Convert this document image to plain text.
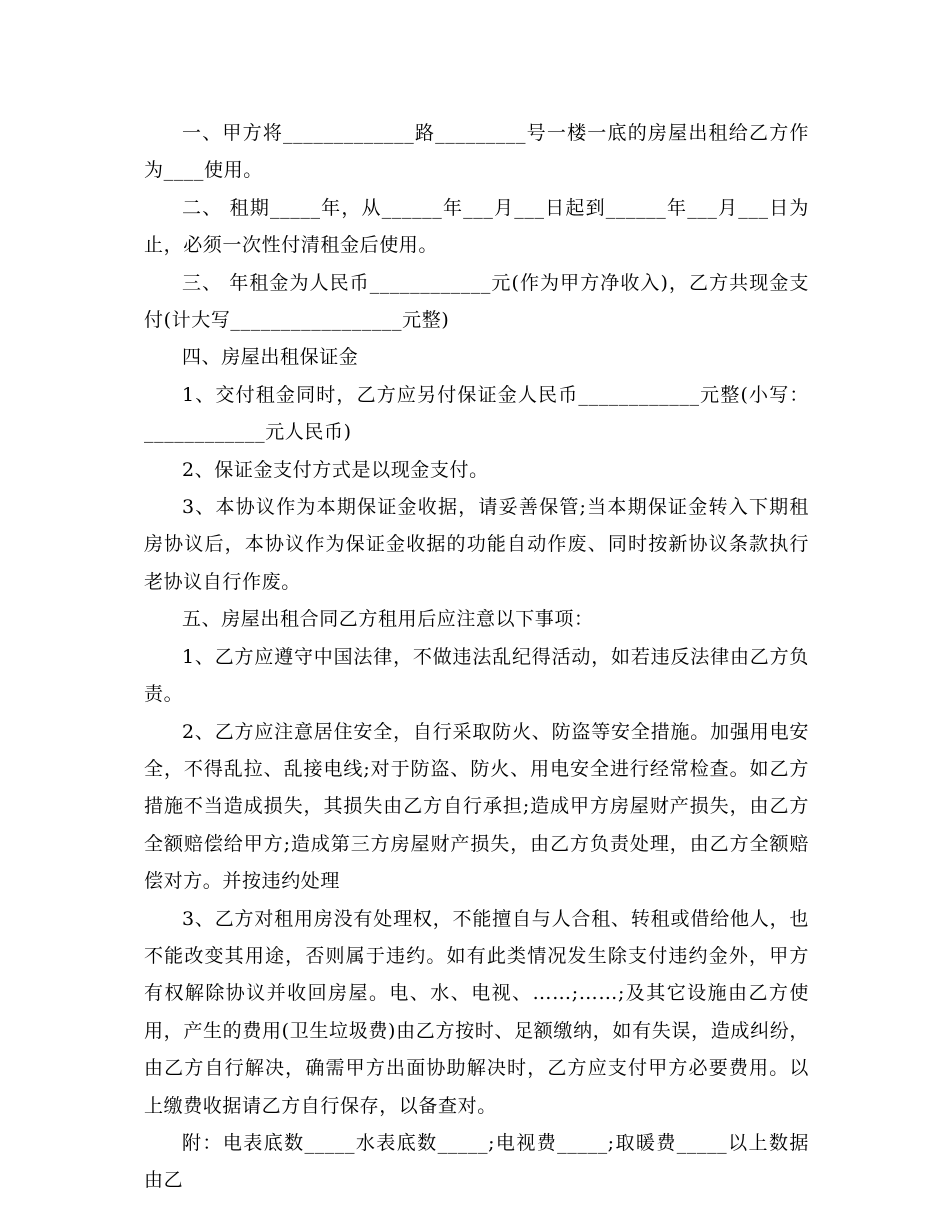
一、甲方将_____________路_________号一楼一底的房屋出租给乙方作为____使用。

二、 租期_____年，从______年___月___日起到______年___月___日为止，必须一次性付清租金后使用。

三、 年租金为人民币____________元(作为甲方净收入)，乙方共现金支付(计大写_________________元整)

四、房屋出租保证金

1、交付租金同时，乙方应另付保证金人民币____________元整(小写：____________元人民币)

2、保证金支付方式是以现金支付。

3、本协议作为本期保证金收据，请妥善保管;当本期保证金转入下期租房协议后，本协议作为保证金收据的功能自动作废、同时按新协议条款执行老协议自行作废。

五、房屋出租合同乙方租用后应注意以下事项：

1、乙方应遵守中国法律，不做违法乱纪得活动，如若违反法律由乙方负责。

2、乙方应注意居住安全，自行采取防火、防盗等安全措施。加强用电安全，不得乱拉、乱接电线;对于防盗、防火、用电安全进行经常检查。如乙方措施不当造成损失，其损失由乙方自行承担;造成甲方房屋财产损失，由乙方全额赔偿给甲方;造成第三方房屋财产损失，由乙方负责处理，由乙方全额赔偿对方。并按违约处理

3、乙方对租用房没有处理权，不能擅自与人合租、转租或借给他人，也不能改变其用途，否则属于违约。如有此类情况发生除支付违约金外，甲方有权解除协议并收回房屋。电、水、电视、……;……;及其它设施由乙方使用，产生的费用(卫生垃圾费)由乙方按时、足额缴纳，如有失误，造成纠纷，由乙方自行解决，确需甲方出面协助解决时，乙方应支付甲方必要费用。以上缴费收据请乙方自行保存，以备查对。

附：电表底数_____水表底数_____;电视费_____;取暖费_____以上数据由乙
